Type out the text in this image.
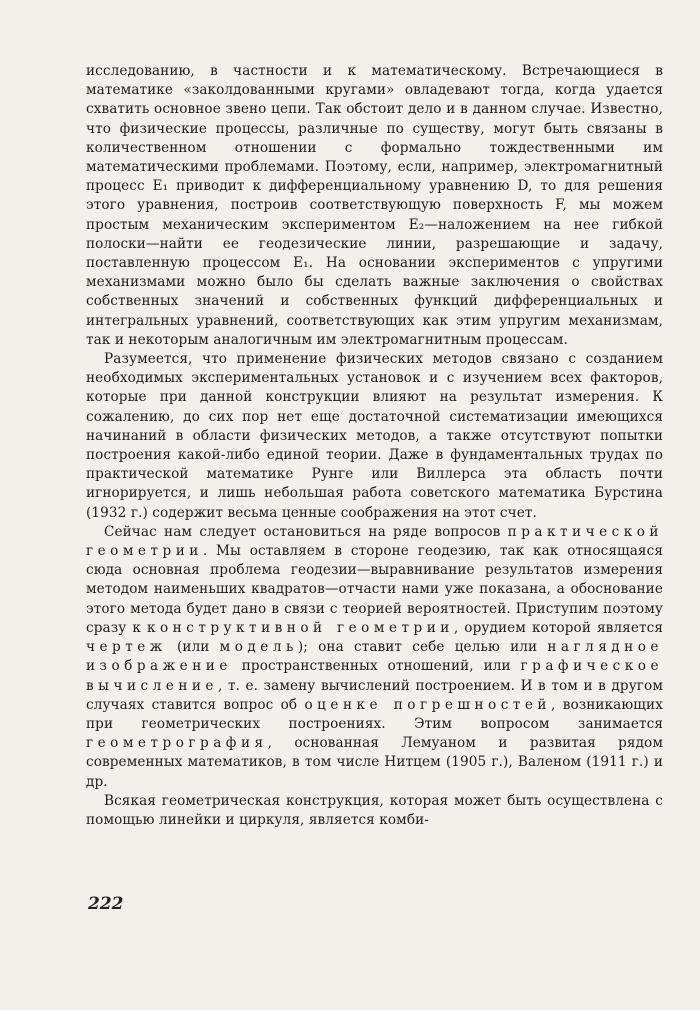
исследованию, в частности и к математическому. Встречающиеся в математике «заколдованными кругами» овладевают тогда, когда удается схватить основное звено цепи. Так обстоит дело и в данном случае. Известно, что физические процессы, различные по существу, могут быть связаны в количественном отношении с формально тождественными им математическими проблемами. Поэтому, если, например, электромагнитный процесс E₁ приводит к дифференциальному уравнению D, то для решения этого уравнения, построив соответствующую поверхность F, мы можем простым механическим экспериментом E₂—наложением на нее гибкой полоски—найти ее геодезические линии, разрешающие и задачу, поставленную процессом E₁. На основании экспериментов с упругими механизмами можно было бы сделать важные заключения о свойствах собственных значений и собственных функций дифференциальных и интегральных уравнений, соответствующих как этим упругим механизмам, так и некоторым аналогичным им электромагнитным процессам.

Разумеется, что применение физических методов связано с созданием необходимых экспериментальных установок и с изучением всех факторов, которые при данной конструкции влияют на результат измерения. К сожалению, до сих пор нет еще достаточной систематизации имеющихся начинаний в области физических методов, а также отсутствуют попытки построения какой-либо единой теории. Даже в фундаментальных трудах по практической математике Рунге или Виллерса эта область почти игнорируется, и лишь небольшая работа советского математика Бурстина (1932 г.) содержит весьма ценные соображения на этот счет.

Сейчас нам следует остановиться на ряде вопросов практической геометрии. Мы оставляем в стороне геодезию, так как относящаяся сюда основная проблема геодезии—выравнивание результатов измерения методом наименьших квадратов—отчасти нами уже показана, а обоснование этого метода будет дано в связи с теорией вероятностей. Приступим поэтому сразу к конструктивной геометрии, орудием которой является чертеж (или модель); она ставит себе целью или наглядное изображение пространственных отношений, или графическое вычисление, т. е. замену вычислений построением. И в том и в другом случаях ставится вопрос об оценке погрешностей, возникающих при геометрических построениях. Этим вопросом занимается геометрография, основанная Лемуаном и развитая рядом современных математиков, в том числе Нитцем (1905 г.), Валеном (1911 г.) и др.

Всякая геометрическая конструкция, которая может быть осуществлена с помощью линейки и циркуля, является комби-

222
